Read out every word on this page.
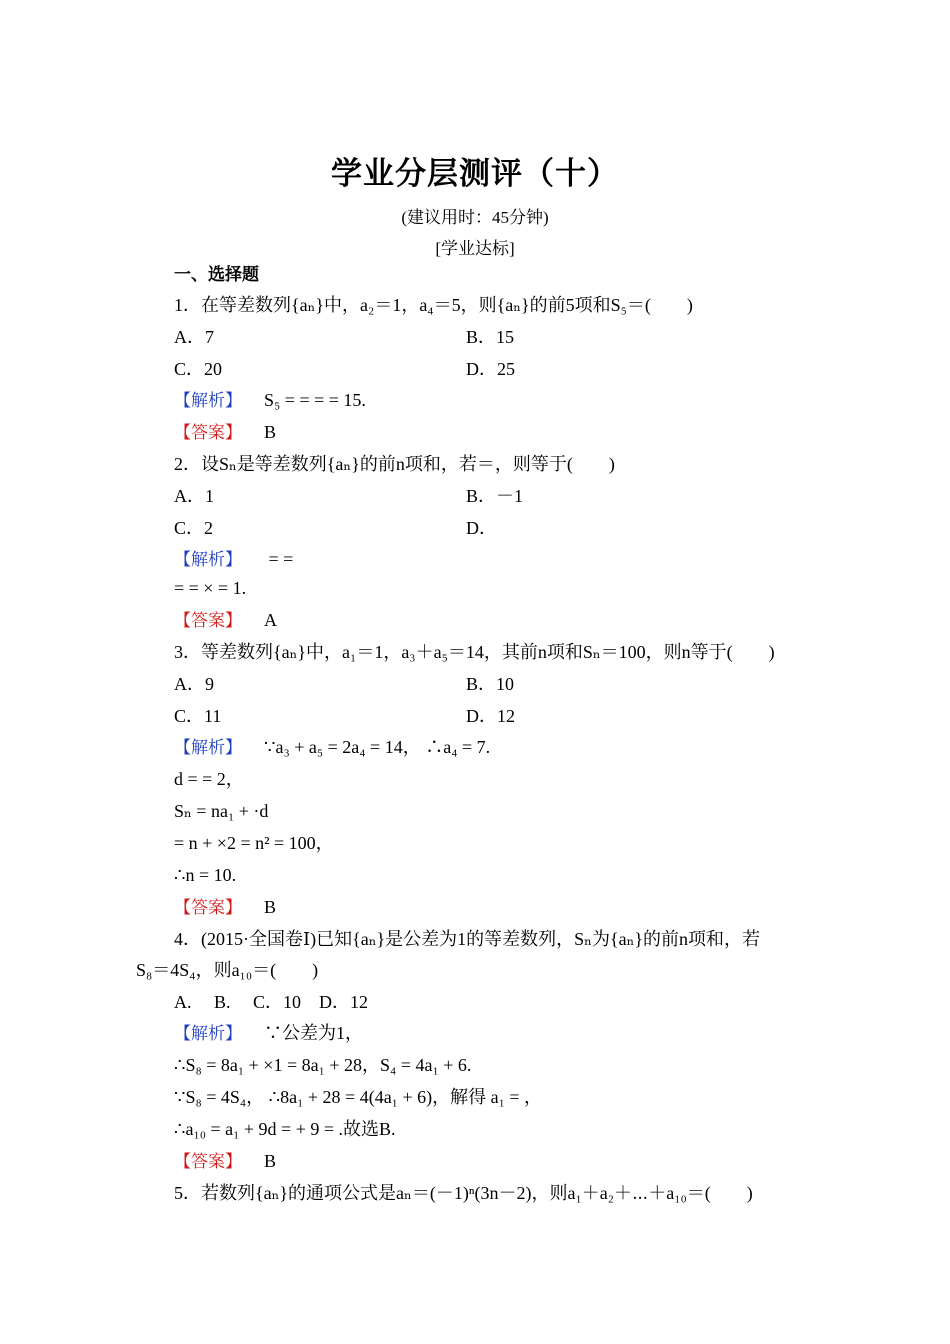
学业分层测评（十）
(建议用时：45分钟)
[学业达标]
一、选择题
1．在等差数列{aₙ}中，a₂＝1，a₄＝5，则{aₙ}的前5项和S₅＝(　　)
A．7	B．15
C．20	D．25
【解析】 S₅ = = = = 15.
【答案】 B
2．设Sₙ是等差数列{aₙ}的前n项和，若＝，则等于(　　)
A．1	B．－1
C．2	D．
【解析】 = =
= = × = 1.
【答案】 A
3．等差数列{aₙ}中，a₁＝1，a₃＋a₅＝14，其前n项和Sₙ＝100，则n等于(　　)
A．9	B．10
C．11	D．12
【解析】 ∵a₃ + a₅ = 2a₄ = 14， ∴a₄ = 7.
d = = 2，
Sₙ = na₁ + ·d
= n + ×2 = n² = 100，
∴n = 10.
【答案】 B
4．(2015·全国卷Ⅰ)已知{aₙ}是公差为1的等差数列，Sₙ为{aₙ}的前n项和，若
S₈＝4S₄，则a₁₀＝(　　)
A.　 B.　 C．10　D．12
【解析】 ∵公差为1，
∴S₈ = 8a₁ + ×1 = 8a₁ + 28，S₄ = 4a₁ + 6.
∵S₈ = 4S₄， ∴8a₁ + 28 = 4(4a₁ + 6)，解得 a₁ = ，
∴a₁₀ = a₁ + 9d = + 9 = .故选B.
【答案】 B
5．若数列{aₙ}的通项公式是aₙ＝(－1)ⁿ(3n－2)，则a₁＋a₂＋⋯＋a₁₀＝(　　)
